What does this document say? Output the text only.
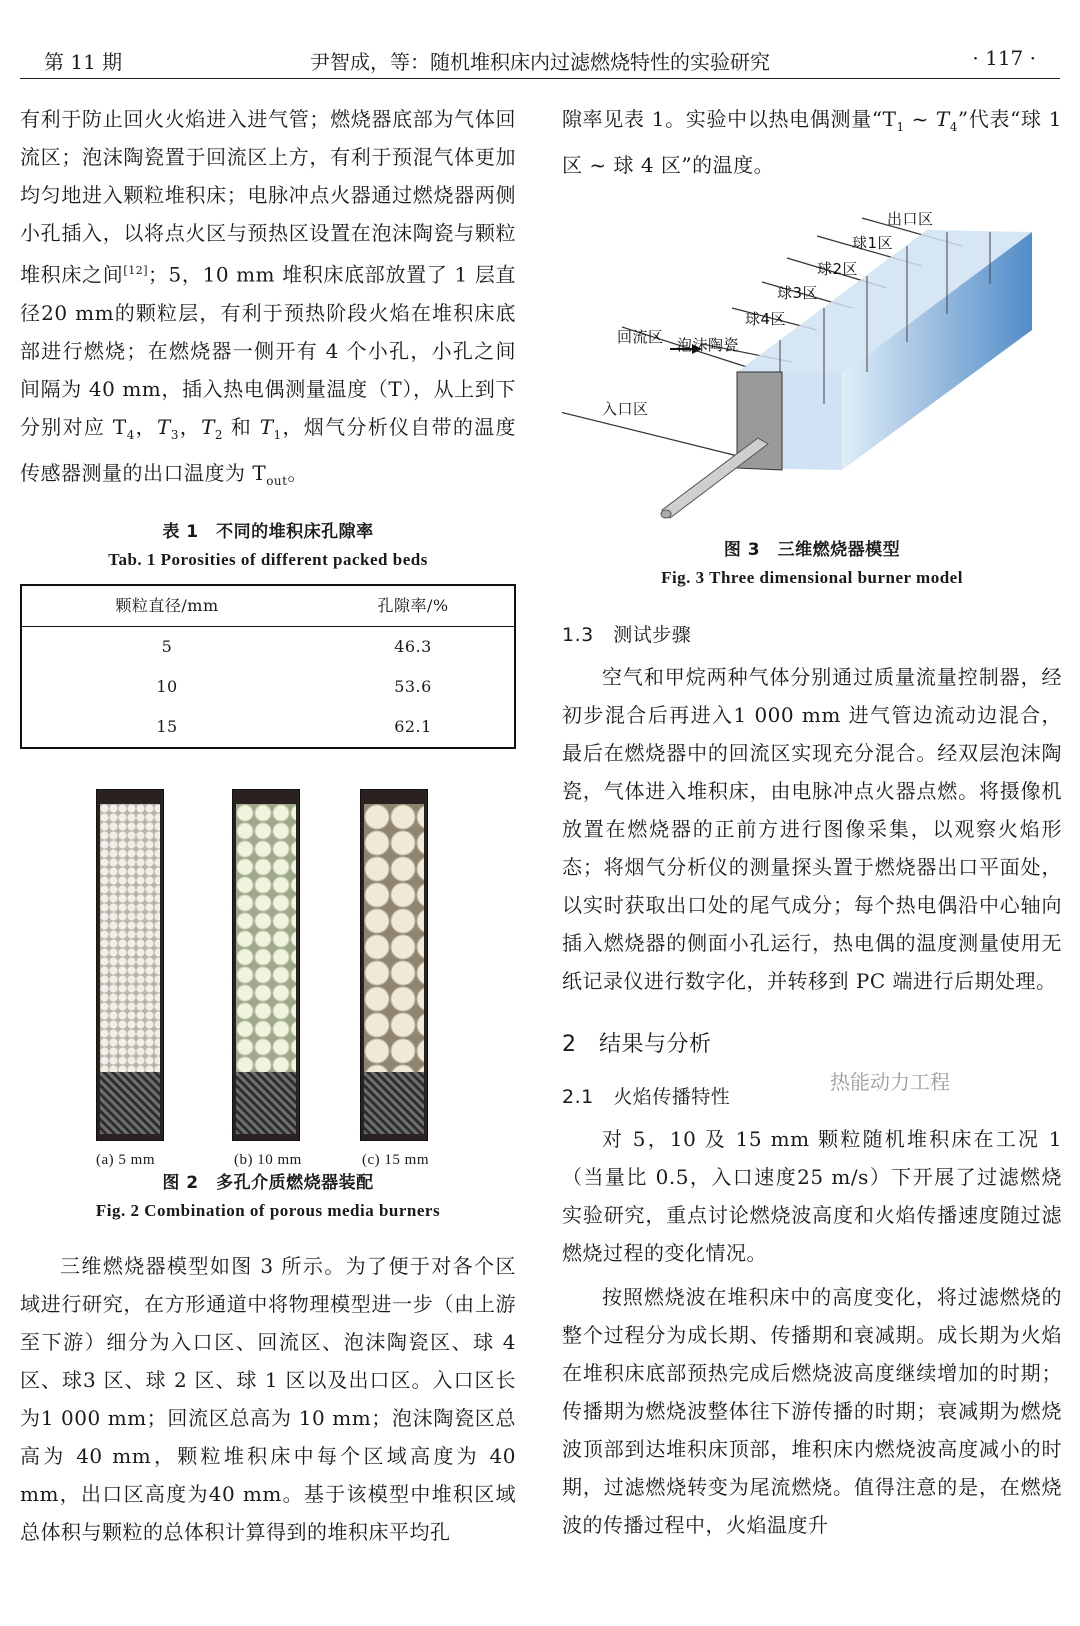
第 11 期	尹智成，等：随机堆积床内过滤燃烧特性的实验研究	· 117 ·

有利于防止回火火焰进入进气管；燃烧器底部为气体回流区；泡沫陶瓷置于回流区上方，有利于预混气体更加均匀地进入颗粒堆积床；电脉冲点火器通过燃烧器两侧小孔插入，以将点火区与预热区设置在泡沫陶瓷与颗粒堆积床之间[12]；5，10 mm 堆积床底部放置了 1 层直径20 mm的颗粒层，有利于预热阶段火焰在堆积床底部进行燃烧；在燃烧器一侧开有 4 个小孔，小孔之间间隔为 40 mm，插入热电偶测量温度（T），从上到下分别对应 $T_4$，$T_3$，$T_2$ 和 $T_1$，烟气分析仪自带的温度传感器测量的出口温度为 $T_{out}$。

表 1　不同的堆积床孔隙率
Tab. 1 Porosities of different packed beds
颗粒直径/mm	孔隙率/%
5	46.3
10	53.6
15	62.1
(a) 5 mm	(b) 10 mm	(c) 15 mm
图 2　多孔介质燃烧器装配
Fig. 2 Combination of porous media burners

三维燃烧器模型如图 3 所示。为了便于对各个区域进行研究，在方形通道中将物理模型进一步（由上游至下游）细分为入口区、回流区、泡沫陶瓷区、球 4 区、球3 区、球 2 区、球 1 区以及出口区。入口区长为1 000 mm；回流区总高为 10 mm；泡沫陶瓷区总高为 40 mm，颗粒堆积床中每个区域高度为 40 mm，出口区高度为40 mm。基于该模型中堆积区域总体积与颗粒的总体积计算得到的堆积床平均孔

隙率见表 1。实验中以热电偶测量“$T_1$ ~ $T_4$”代表“球 1 区 ~ 球 4 区”的温度。

出口区
球1区
球2区
球3区
球4区
泡沫陶瓷
回流区
入口区
图 3　三维燃烧器模型
Fig. 3 Three dimensional burner model
1.3　测试步骤

空气和甲烷两种气体分别通过质量流量控制器，经初步混合后再进入1 000 mm 进气管边流动边混合，最后在燃烧器中的回流区实现充分混合。经双层泡沫陶瓷，气体进入堆积床，由电脉冲点火器点燃。将摄像机放置在燃烧器的正前方进行图像采集，以观察火焰形态；将烟气分析仪的测量探头置于燃烧器出口平面处，以实时获取出口处的尾气成分；每个热电偶沿中心轴向插入燃烧器的侧面小孔运行，热电偶的温度测量使用无纸记录仪进行数字化，并转移到 PC 端进行后期处理。

2　结果与分析
2.1　火焰传播特性

对 5，10 及 15 mm 颗粒随机堆积床在工况 1（当量比 0.5，入口速度25 m/s）下开展了过滤燃烧实验研究，重点讨论燃烧波高度和火焰传播速度随过滤燃烧过程的变化情况。

按照燃烧波在堆积床中的高度变化，将过滤燃烧的整个过程分为成长期、传播期和衰减期。成长期为火焰在堆积床底部预热完成后燃烧波高度继续增加的时期；传播期为燃烧波整体往下游传播的时期；衰减期为燃烧波顶部到达堆积床顶部，堆积床内燃烧波高度减小的时期，过滤燃烧转变为尾流燃烧。值得注意的是，在燃烧波的传播过程中，火焰温度升

热能动力工程
